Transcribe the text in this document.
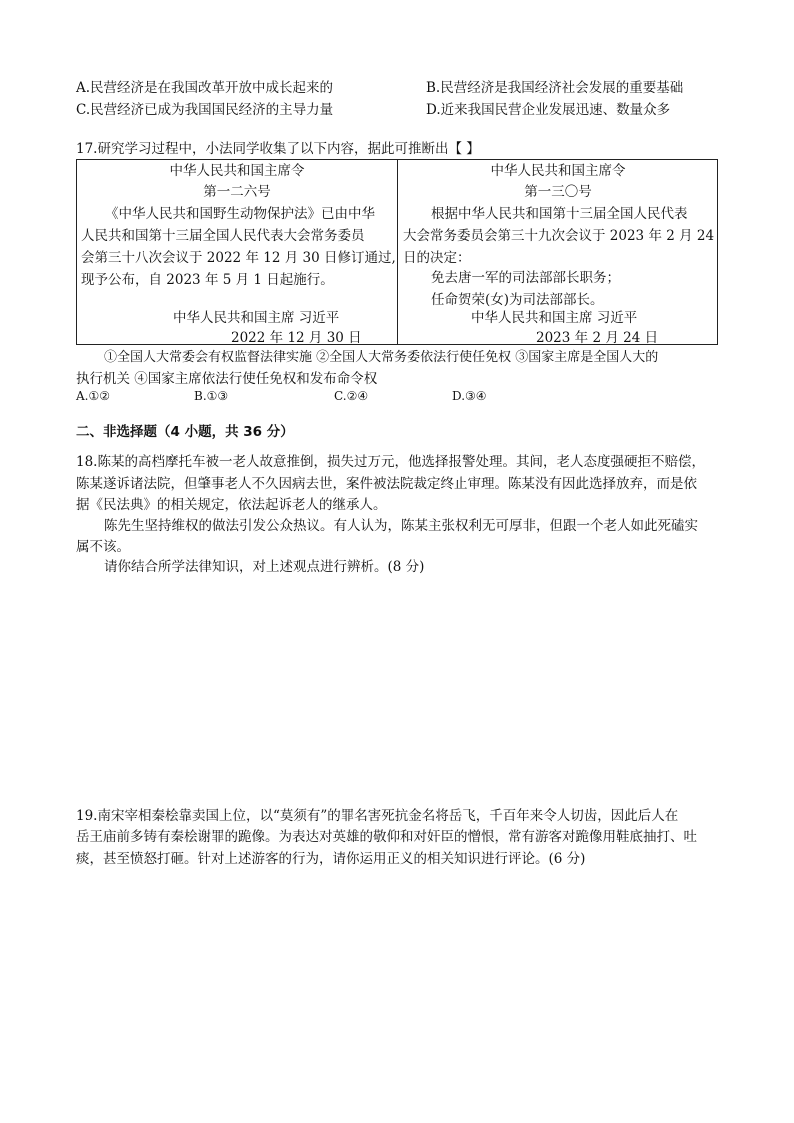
A.民营经济是在我国改革开放中成长起来的	B.民营经济是我国经济社会发展的重要基础
C.民营经济已成为我国国民经济的主导力量	D.近来我国民营企业发展迅速、数量众多
17.研究学习过程中，小法同学收集了以下内容，据此可推断出【 】
中华人民共和国主席令
第一二六号
《中华人民共和国野生动物保护法》已由中华
人民共和国第十三届全国人民代表大会常务委员
会第三十八次会议于 2022 年 12 月 30 日修订通过,
现予公布，自 2023 年 5 月 1 日起施行。
中华人民共和国主席 习近平
2022 年 12 月 30 日
中华人民共和国主席令
第一三〇号
根据中华人民共和国第十三届全国人民代表
大会常务委员会第三十九次会议于 2023 年 2 月 24
日的决定：
免去唐一军的司法部部长职务；
任命贺荣(女)为司法部部长。
中华人民共和国主席 习近平
2023 年 2 月 24 日
①全国人大常委会有权监督法律实施 ②全国人大常务委依法行使任免权 ③国家主席是全国人大的
执行机关 ④国家主席依法行使任免权和发布命令权
A.①②	B.①③	C.②④	D.③④
二、非选择题（4 小题，共 36 分）
18.陈某的高档摩托车被一老人故意推倒，损失过万元，他选择报警处理。其间，老人态度强硬拒不赔偿，
陈某遂诉诸法院，但肇事老人不久因病去世，案件被法院裁定终止审理。陈某没有因此选择放弃，而是依
据《民法典》的相关规定，依法起诉老人的继承人。
陈先生坚持维权的做法引发公众热议。有人认为，陈某主张权利无可厚非，但跟一个老人如此死磕实
属不该。
请你结合所学法律知识，对上述观点进行辨析。(8 分)
19.南宋宰相秦桧靠卖国上位，以“莫须有”的罪名害死抗金名将岳飞，千百年来令人切齿，因此后人在
岳王庙前多铸有秦桧谢罪的跪像。为表达对英雄的敬仰和对奸臣的憎恨，常有游客对跪像用鞋底抽打、吐
痰，甚至愤怒打砸。针对上述游客的行为，请你运用正义的相关知识进行评论。(6 分)
